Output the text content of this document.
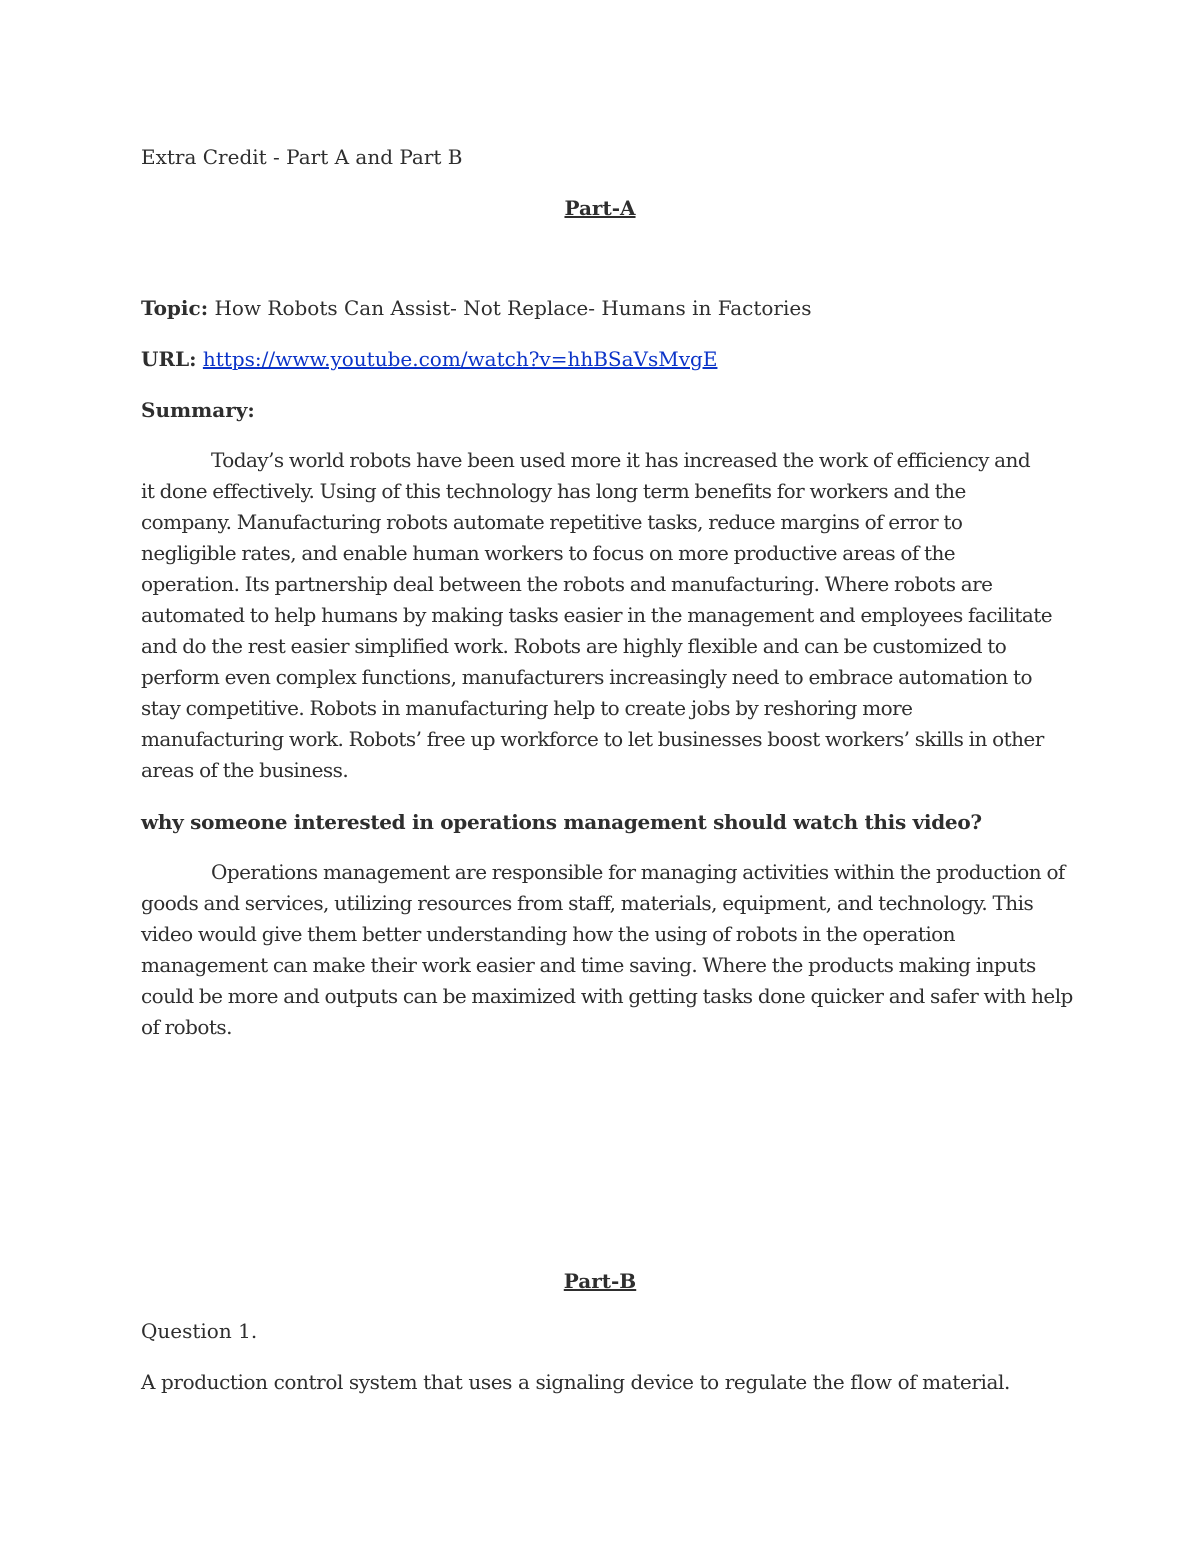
Extra Credit - Part A and Part B
Part-A
Topic: How Robots Can Assist- Not Replace- Humans in Factories
URL: https://www.youtube.com/watch?v=hhBSaVsMvgE
Summary:
Today’s world robots have been used more it has increased the work of efficiency and
it done effectively. Using of this technology has long term benefits for workers and the
company. Manufacturing robots automate repetitive tasks, reduce margins of error to
negligible rates, and enable human workers to focus on more productive areas of the
operation. Its partnership deal between the robots and manufacturing. Where robots are
automated to help humans by making tasks easier in the management and employees facilitate
and do the rest easier simplified work. Robots are highly flexible and can be customized to
perform even complex functions, manufacturers increasingly need to embrace automation to
stay competitive. Robots in manufacturing help to create jobs by reshoring more
manufacturing work. Robots’ free up workforce to let businesses boost workers’ skills in other
areas of the business.
why someone interested in operations management should watch this video?
Operations management are responsible for managing activities within the production of
goods and services, utilizing resources from staff, materials, equipment, and technology. This
video would give them better understanding how the using of robots in the operation
management can make their work easier and time saving. Where the products making inputs
could be more and outputs can be maximized with getting tasks done quicker and safer with help
of robots.
Part-B
Question 1.
A production control system that uses a signaling device to regulate the flow of material.
